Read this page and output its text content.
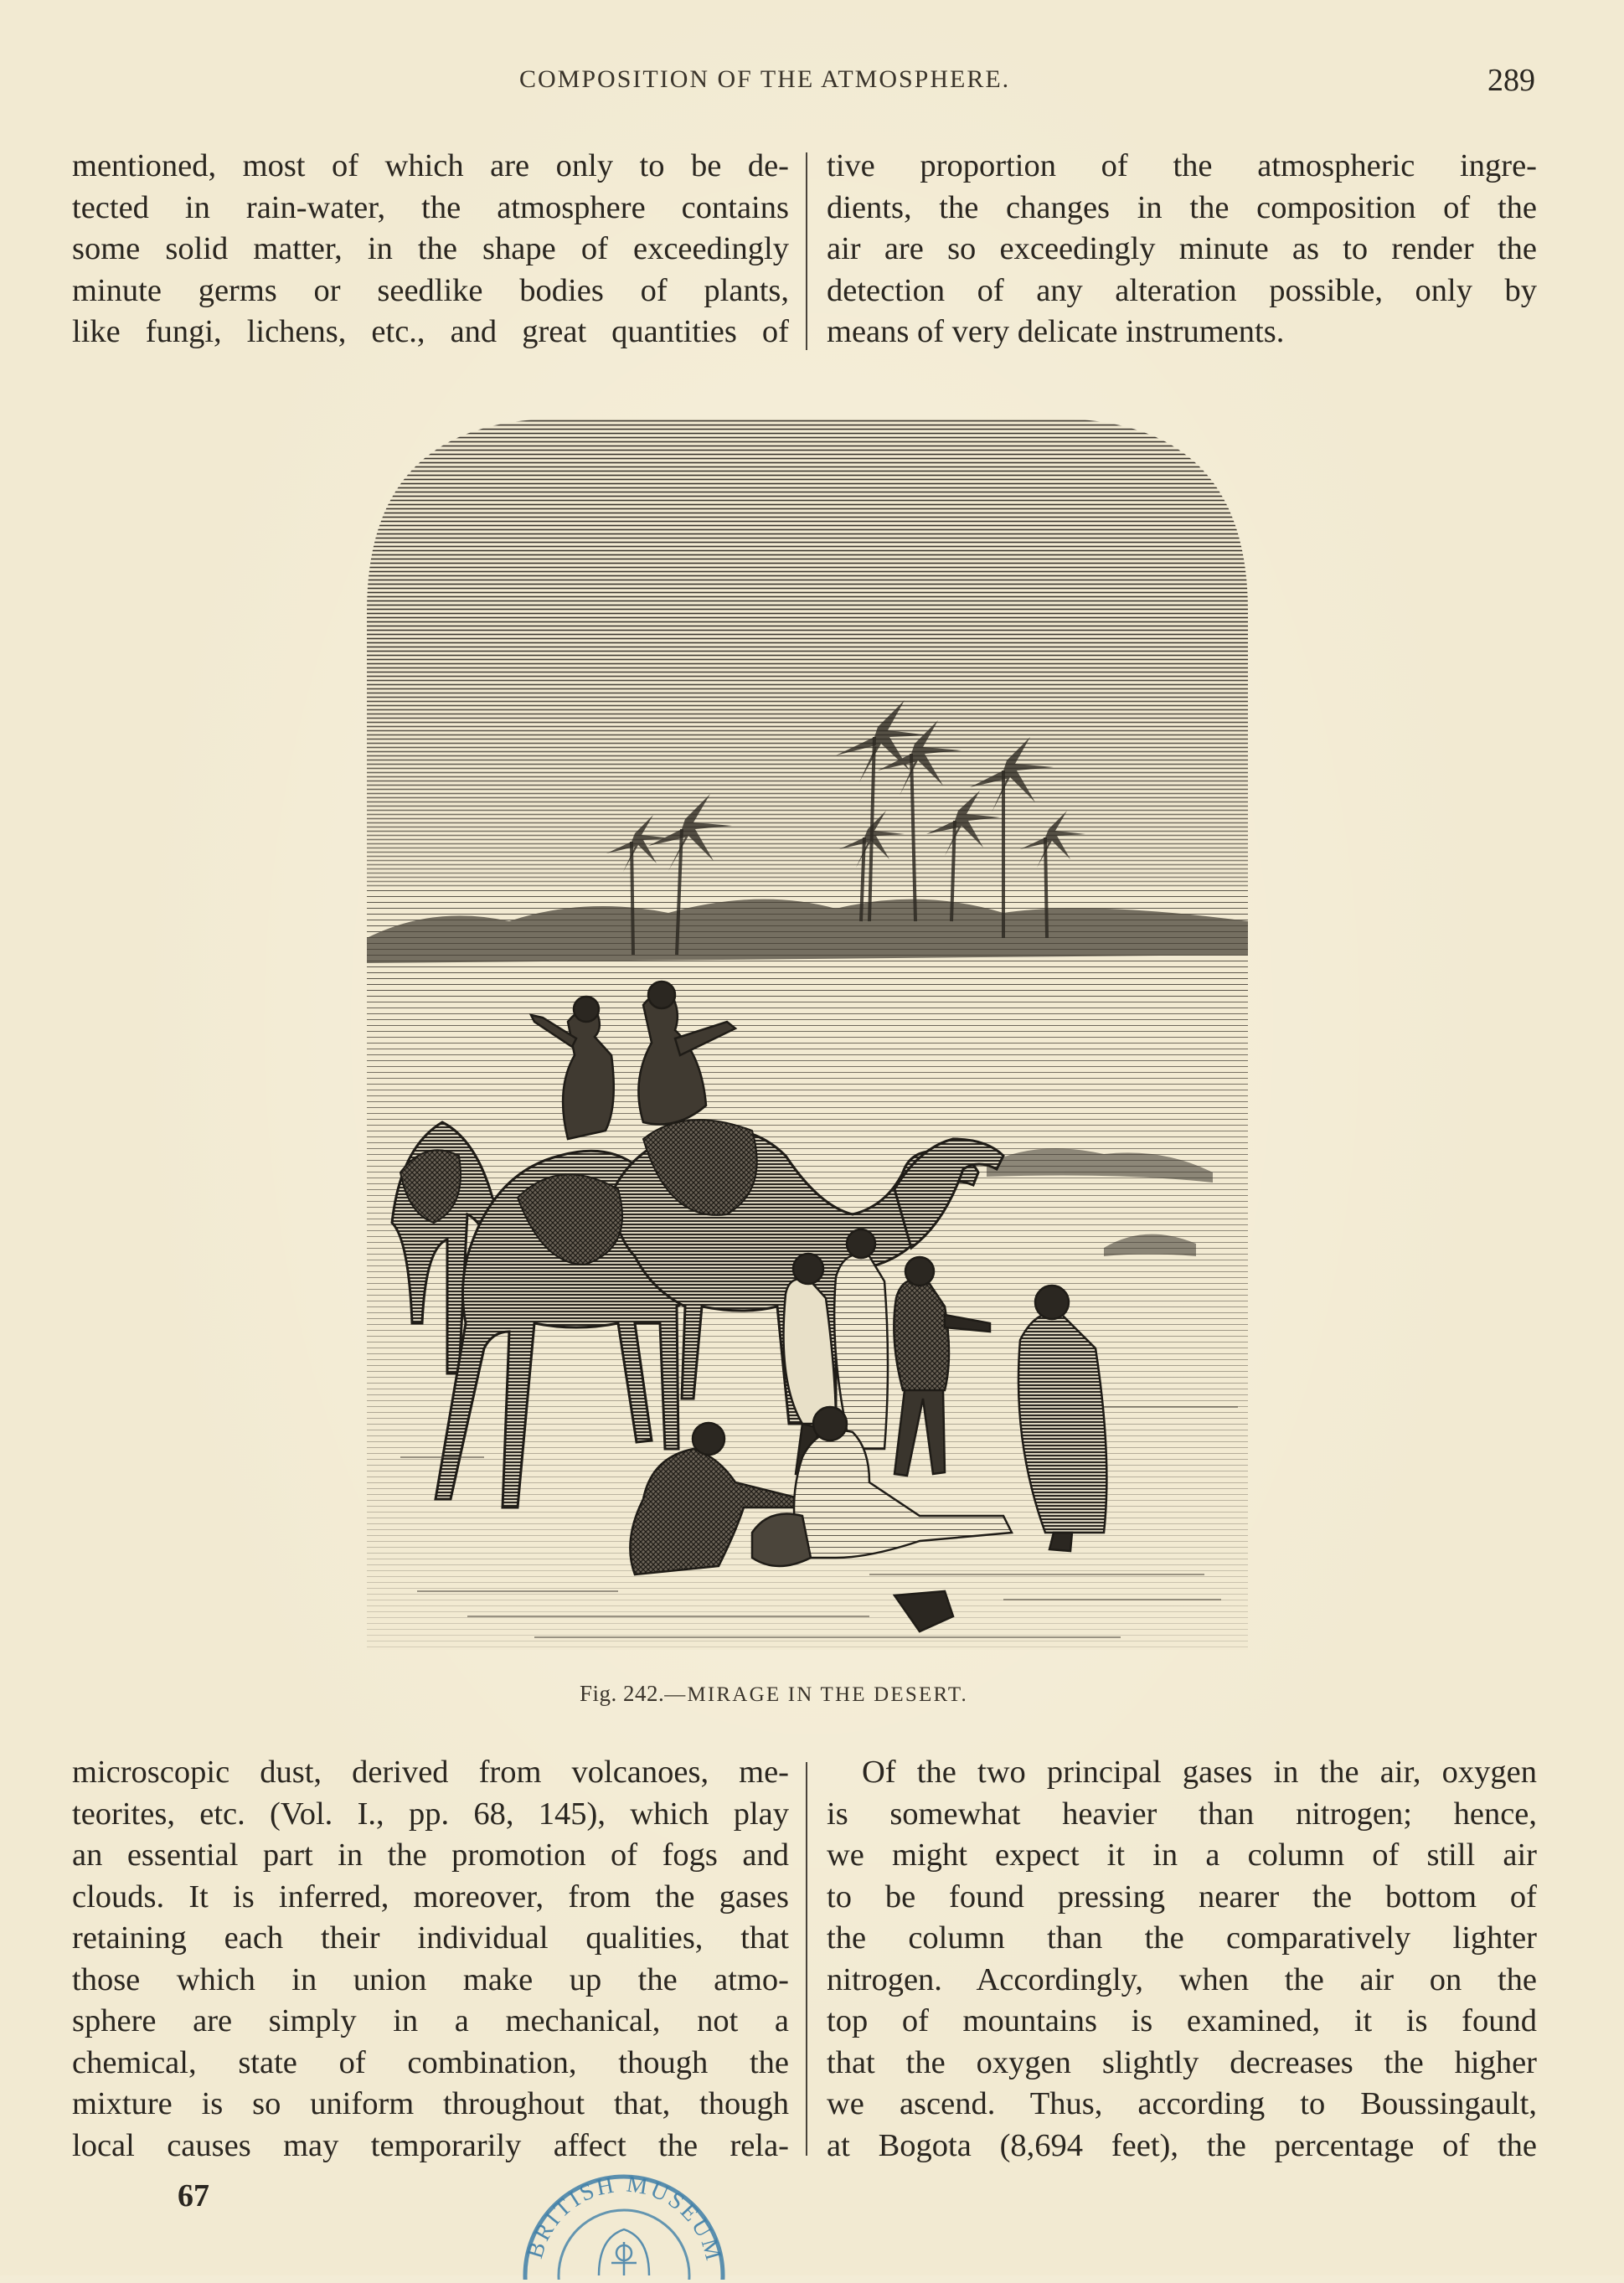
COMPOSITION OF THE ATMOSPHERE.	289
mentioned, most of which are only to be de-
tected in rain-water, the atmosphere contains
some solid matter, in the shape of exceedingly
minute germs or seedlike bodies of plants,
like fungi, lichens, etc., and great quantities of
tive proportion of the atmospheric ingre-
dients, the changes in the composition of the
air are so exceedingly minute as to render the
detection of any alteration possible, only by
means of very delicate instruments.
Fig. 242.—MIRAGE IN THE DESERT.
microscopic dust, derived from volcanoes, me-
teorites, etc. (Vol. I., pp. 68, 145), which play
an essential part in the promotion of fogs and
clouds. It is inferred, moreover, from the gases
retaining each their individual qualities, that
those which in union make up the atmo-
sphere are simply in a mechanical, not a
chemical, state of combination, though the
mixture is so uniform throughout that, though
local causes may temporarily affect the rela-
Of the two principal gases in the air, oxygen
is somewhat heavier than nitrogen; hence,
we might expect it in a column of still air
to be found pressing nearer the bottom of
the column than the comparatively lighter
nitrogen. Accordingly, when the air on the
top of mountains is examined, it is found
that the oxygen slightly decreases the higher
we ascend. Thus, according to Boussingault,
at Bogota (8,694 feet), the percentage of the
67
BRITISH MUSEUM
